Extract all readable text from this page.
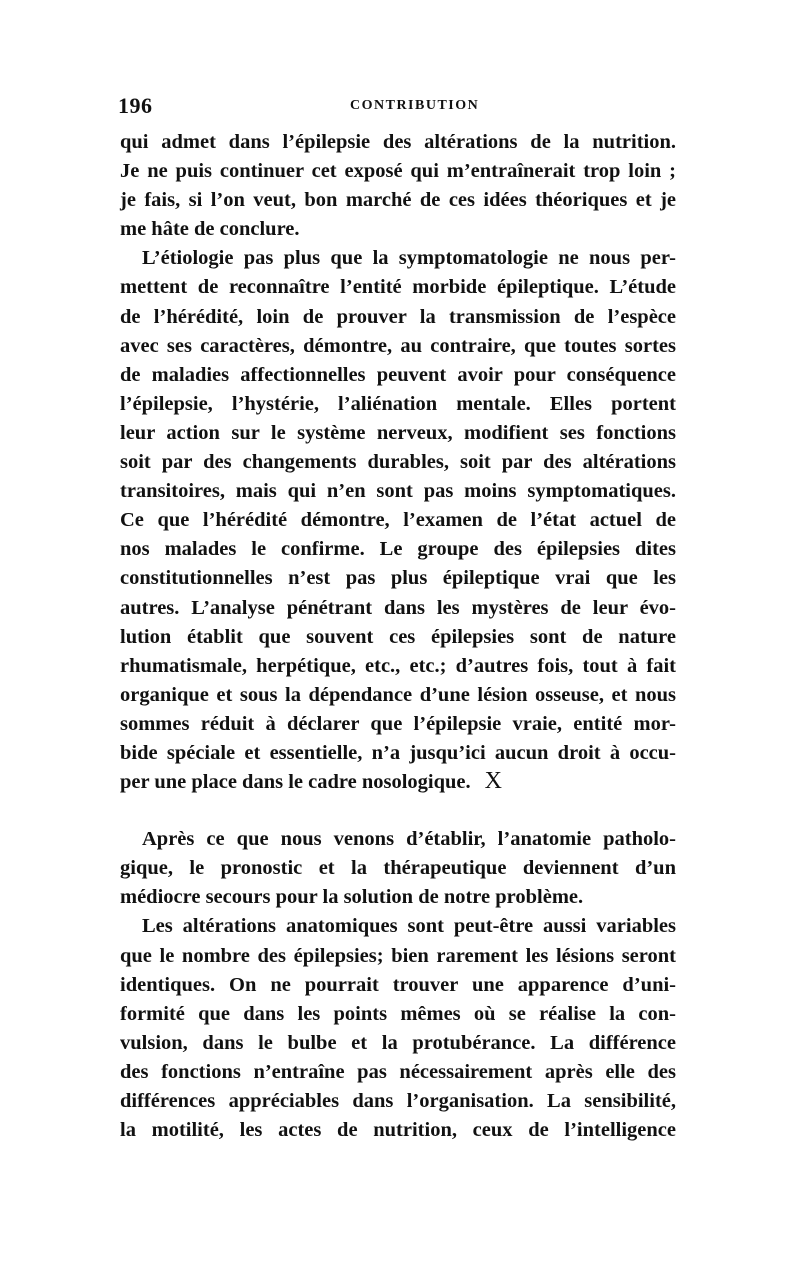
196	CONTRIBUTION
qui admet dans l’épilepsie des altérations de la nutrition.
Je ne puis continuer cet exposé qui m’entraînerait trop loin ;
je fais, si l’on veut, bon marché de ces idées théoriques et je
me hâte de conclure.
L’étiologie pas plus que la symptomatologie ne nous per-
mettent de reconnaître l’entité morbide épileptique. L’étude
de l’hérédité, loin de prouver la transmission de l’espèce
avec ses caractères, démontre, au contraire, que toutes sortes
de maladies affectionnelles peuvent avoir pour conséquence
l’épilepsie, l’hystérie, l’aliénation mentale. Elles portent
leur action sur le système nerveux, modifient ses fonctions
soit par des changements durables, soit par des altérations
transitoires, mais qui n’en sont pas moins symptomatiques.
Ce que l’hérédité démontre, l’examen de l’état actuel de
nos malades le confirme. Le groupe des épilepsies dites
constitutionnelles n’est pas plus épileptique vrai que les
autres. L’analyse pénétrant dans les mystères de leur évo-
lution établit que souvent ces épilepsies sont de nature
rhumatismale, herpétique, etc., etc.; d’autres fois, tout à fait
organique et sous la dépendance d’une lésion osseuse, et nous
sommes réduit à déclarer que l’épilepsie vraie, entité mor-
bide spéciale et essentielle, n’a jusqu’ici aucun droit à occu-
per une place dans le cadre nosologique. X
Après ce que nous venons d’établir, l’anatomie patholo-
gique, le pronostic et la thérapeutique deviennent d’un
médiocre secours pour la solution de notre problème.
Les altérations anatomiques sont peut-être aussi variables
que le nombre des épilepsies; bien rarement les lésions seront
identiques. On ne pourrait trouver une apparence d’uni-
formité que dans les points mêmes où se réalise la con-
vulsion, dans le bulbe et la protubérance. La différence
des fonctions n’entraîne pas nécessairement après elle des
différences appréciables dans l’organisation. La sensibilité,
la motilité, les actes de nutrition, ceux de l’intelligence
